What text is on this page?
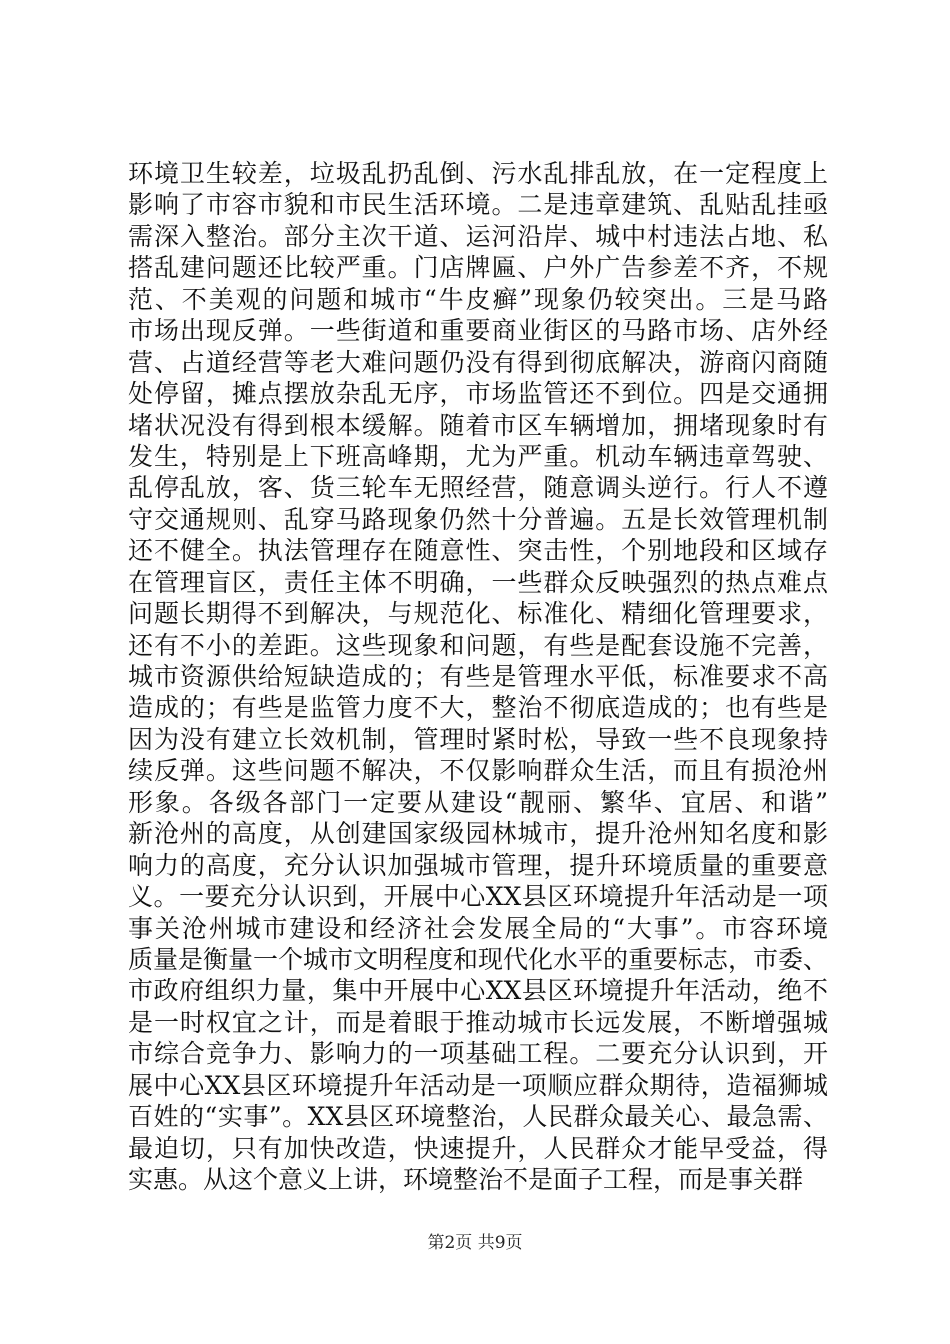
环境卫生较差，垃圾乱扔乱倒、污水乱排乱放，在一定程度上
影响了市容市貌和市民生活环境。二是违章建筑、乱贴乱挂亟
需深入整治。部分主次干道、运河沿岸、城中村违法占地、私
搭乱建问题还比较严重。门店牌匾、户外广告参差不齐，不规
范、不美观的问题和城市“牛皮癣”现象仍较突出。三是马路
市场出现反弹。一些街道和重要商业街区的马路市场、店外经
营、占道经营等老大难问题仍没有得到彻底解决，游商闪商随
处停留，摊点摆放杂乱无序，市场监管还不到位。四是交通拥
堵状况没有得到根本缓解。随着市区车辆增加，拥堵现象时有
发生，特别是上下班高峰期，尤为严重。机动车辆违章驾驶、
乱停乱放，客、货三轮车无照经营，随意调头逆行。行人不遵
守交通规则、乱穿马路现象仍然十分普遍。五是长效管理机制
还不健全。执法管理存在随意性、突击性，个别地段和区域存
在管理盲区，责任主体不明确，一些群众反映强烈的热点难点
问题长期得不到解决，与规范化、标准化、精细化管理要求，
还有不小的差距。这些现象和问题，有些是配套设施不完善，
城市资源供给短缺造成的；有些是管理水平低，标准要求不高
造成的；有些是监管力度不大，整治不彻底造成的；也有些是
因为没有建立长效机制，管理时紧时松，导致一些不良现象持
续反弹。这些问题不解决，不仅影响群众生活，而且有损沧州
形象。各级各部门一定要从建设“靓丽、繁华、宜居、和谐”
新沧州的高度，从创建国家级园林城市，提升沧州知名度和影
响力的高度，充分认识加强城市管理，提升环境质量的重要意
义。一要充分认识到，开展中心XX县区环境提升年活动是一项
事关沧州城市建设和经济社会发展全局的“大事”。市容环境
质量是衡量一个城市文明程度和现代化水平的重要标志，市委、
市政府组织力量，集中开展中心XX县区环境提升年活动，绝不
是一时权宜之计，而是着眼于推动城市长远发展，不断增强城
市综合竞争力、影响力的一项基础工程。二要充分认识到，开
展中心XX县区环境提升年活动是一项顺应群众期待，造福狮城
百姓的“实事”。XX县区环境整治，人民群众最关心、最急需、
最迫切，只有加快改造，快速提升，人民群众才能早受益，得
实惠。从这个意义上讲，环境整治不是面子工程，而是事关群
第2页 共9页
